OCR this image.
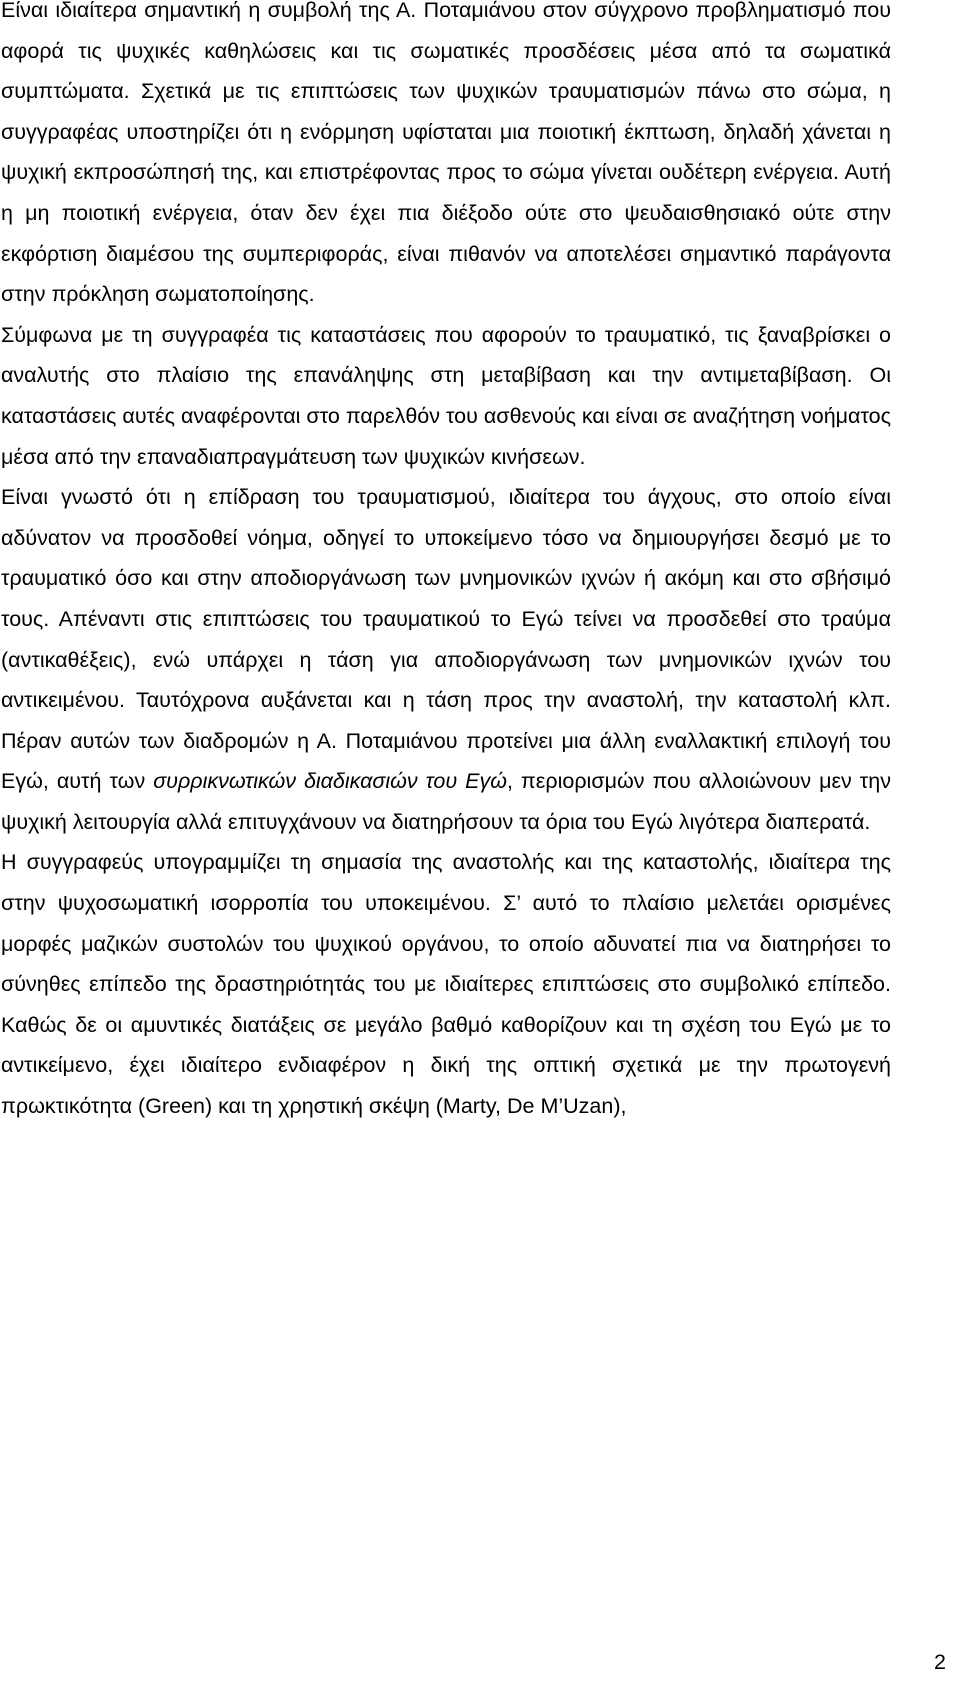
Είναι ιδιαίτερα σημαντική η συμβολή της Α. Ποταμιάνου στον σύγχρονο προβληματισμό που αφορά τις ψυχικές καθηλώσεις και τις σωματικές προσδέσεις μέσα από τα σωματικά συμπτώματα. Σχετικά με τις επιπτώσεις των ψυχικών τραυματισμών πάνω στο σώμα, η συγγραφέας υποστηρίζει ότι η ενόρμηση υφίσταται μια ποιοτική έκπτωση, δηλαδή χάνεται η ψυχική εκπροσώπησή της, και επιστρέφοντας προς το σώμα γίνεται ουδέτερη ενέργεια. Αυτή η μη ποιοτική ενέργεια, όταν δεν έχει πια διέξοδο ούτε στο ψευδαισθησιακό ούτε στην εκφόρτιση διαμέσου της συμπεριφοράς, είναι πιθανόν να αποτελέσει σημαντικό παράγοντα στην πρόκληση σωματοποίησης.

Σύμφωνα με τη συγγραφέα τις καταστάσεις που αφορούν το τραυματικό, τις ξαναβρίσκει ο αναλυτής στο πλαίσιο της επανάληψης στη μεταβίβαση και την αντιμεταβίβαση. Οι καταστάσεις αυτές αναφέρονται στο παρελθόν του ασθενούς και είναι σε αναζήτηση νοήματος μέσα από την επαναδιαπραγμάτευση των ψυχικών κινήσεων.

Είναι γνωστό ότι η επίδραση του τραυματισμού, ιδιαίτερα του άγχους, στο οποίο είναι αδύνατον να προσδοθεί νόημα, οδηγεί το υποκείμενο τόσο να δημιουργήσει δεσμό με το τραυματικό όσο και στην αποδιοργάνωση των μνημονικών ιχνών ή ακόμη και στο σβήσιμό τους. Απέναντι στις επιπτώσεις του τραυματικού το Εγώ τείνει να προσδεθεί στο τραύμα (αντικαθέξεις), ενώ υπάρχει η τάση για αποδιοργάνωση των μνημονικών ιχνών του αντικειμένου. Ταυτόχρονα αυξάνεται και η τάση προς την αναστολή, την καταστολή κλπ. Πέραν αυτών των διαδρομών η Α. Ποταμιάνου προτείνει μια άλλη εναλλακτική επιλογή του Εγώ, αυτή των συρρικνωτικών διαδικασιών του Εγώ, περιορισμών που αλλοιώνουν μεν την ψυχική λειτουργία αλλά επιτυγχάνουν να διατηρήσουν τα όρια του Εγώ λιγότερα διαπερατά.

Η συγγραφεύς υπογραμμίζει τη σημασία της αναστολής και της καταστολής, ιδιαίτερα της στην ψυχοσωματική ισορροπία του υποκειμένου. Σ’ αυτό το πλαίσιο μελετάει ορισμένες μορφές μαζικών συστολών του ψυχικού οργάνου, το οποίο αδυνατεί πια να διατηρήσει το σύνηθες επίπεδο της δραστηριότητάς του με ιδιαίτερες επιπτώσεις στο συμβολικό επίπεδο. Καθώς δε οι αμυντικές διατάξεις σε μεγάλο βαθμό καθορίζουν και τη σχέση του Εγώ με το αντικείμενο, έχει ιδιαίτερο ενδιαφέρον η δική της οπτική σχετικά με την πρωτογενή πρωκτικότητα (Green) και τη χρηστική σκέψη (Marty, De M’Uzan),

2
